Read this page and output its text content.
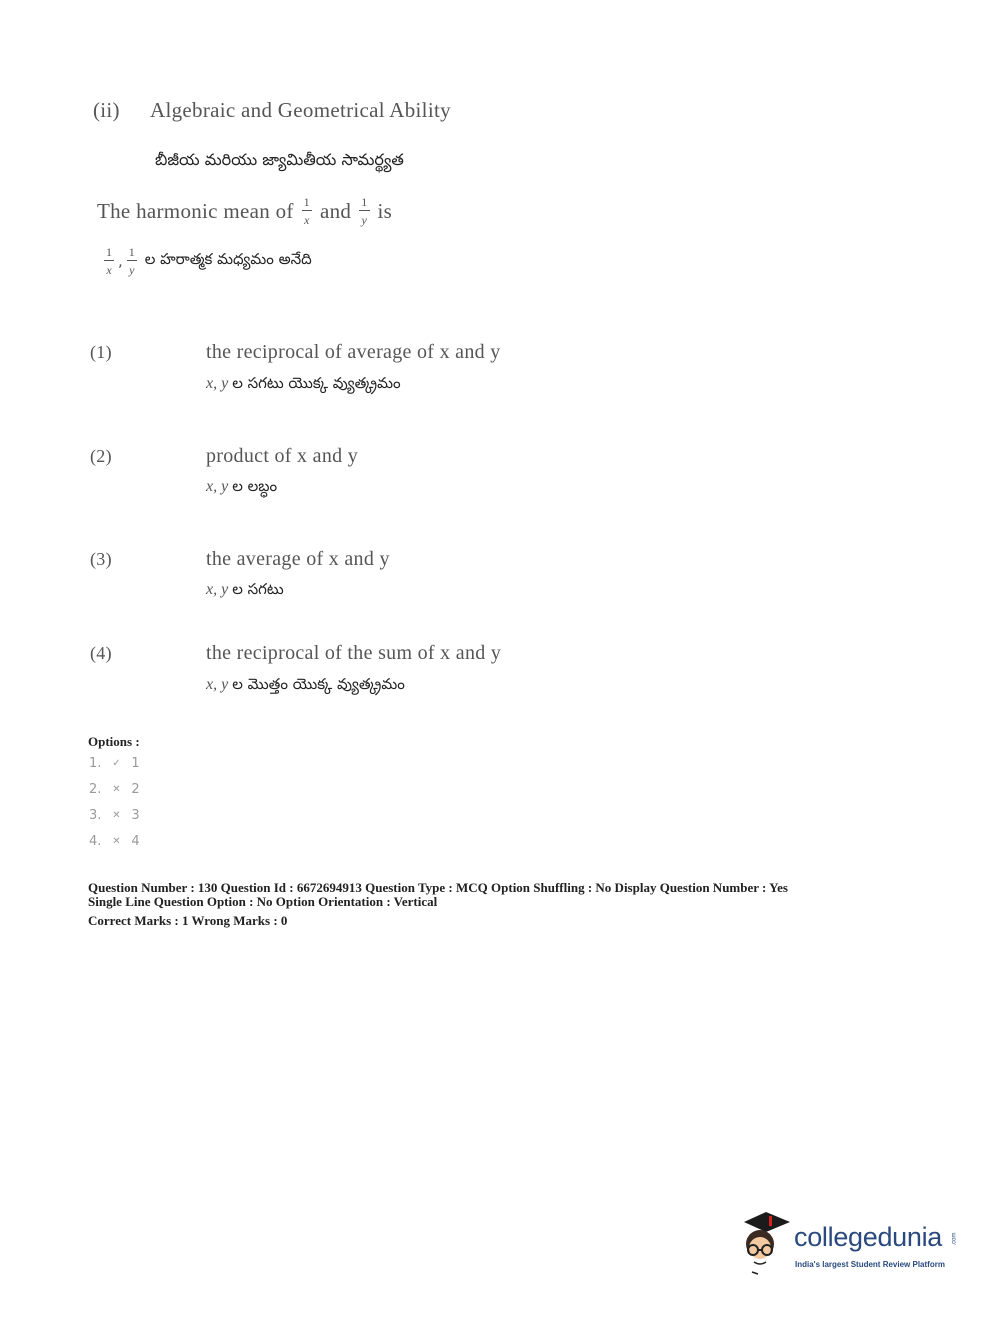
(ii) Algebraic and Geometrical Ability
బీజీయ మరియు జ్యామితీయ సామర్థ్యత
The harmonic mean of $\frac{1}{x}$ and $\frac{1}{y}$ is
$\frac{1}{x}$ , $\frac{1}{y}$ ల హరాత్మక మధ్యమం అనేది
(1)	the reciprocal of average of x and y
x, y ల సగటు యొక్క వ్యుత్క్రమం
(2)	product of x and y
x, y ల లబ్ధం
(3)	the average of x and y
x, y ల సగటు
(4)	the reciprocal of the sum of x and y
x, y ల మొత్తం యొక్క వ్యుత్క్రమం
Options :
1. ✓ 1
2. ✕ 2
3. ✕ 3
4. ✕ 4
Question Number : 130 Question Id : 6672694913 Question Type : MCQ Option Shuffling : No Display Question Number : Yes
Single Line Question Option : No Option Orientation : Vertical
Correct Marks : 1 Wrong Marks : 0
collegedunia .com
India's largest Student Review Platform
